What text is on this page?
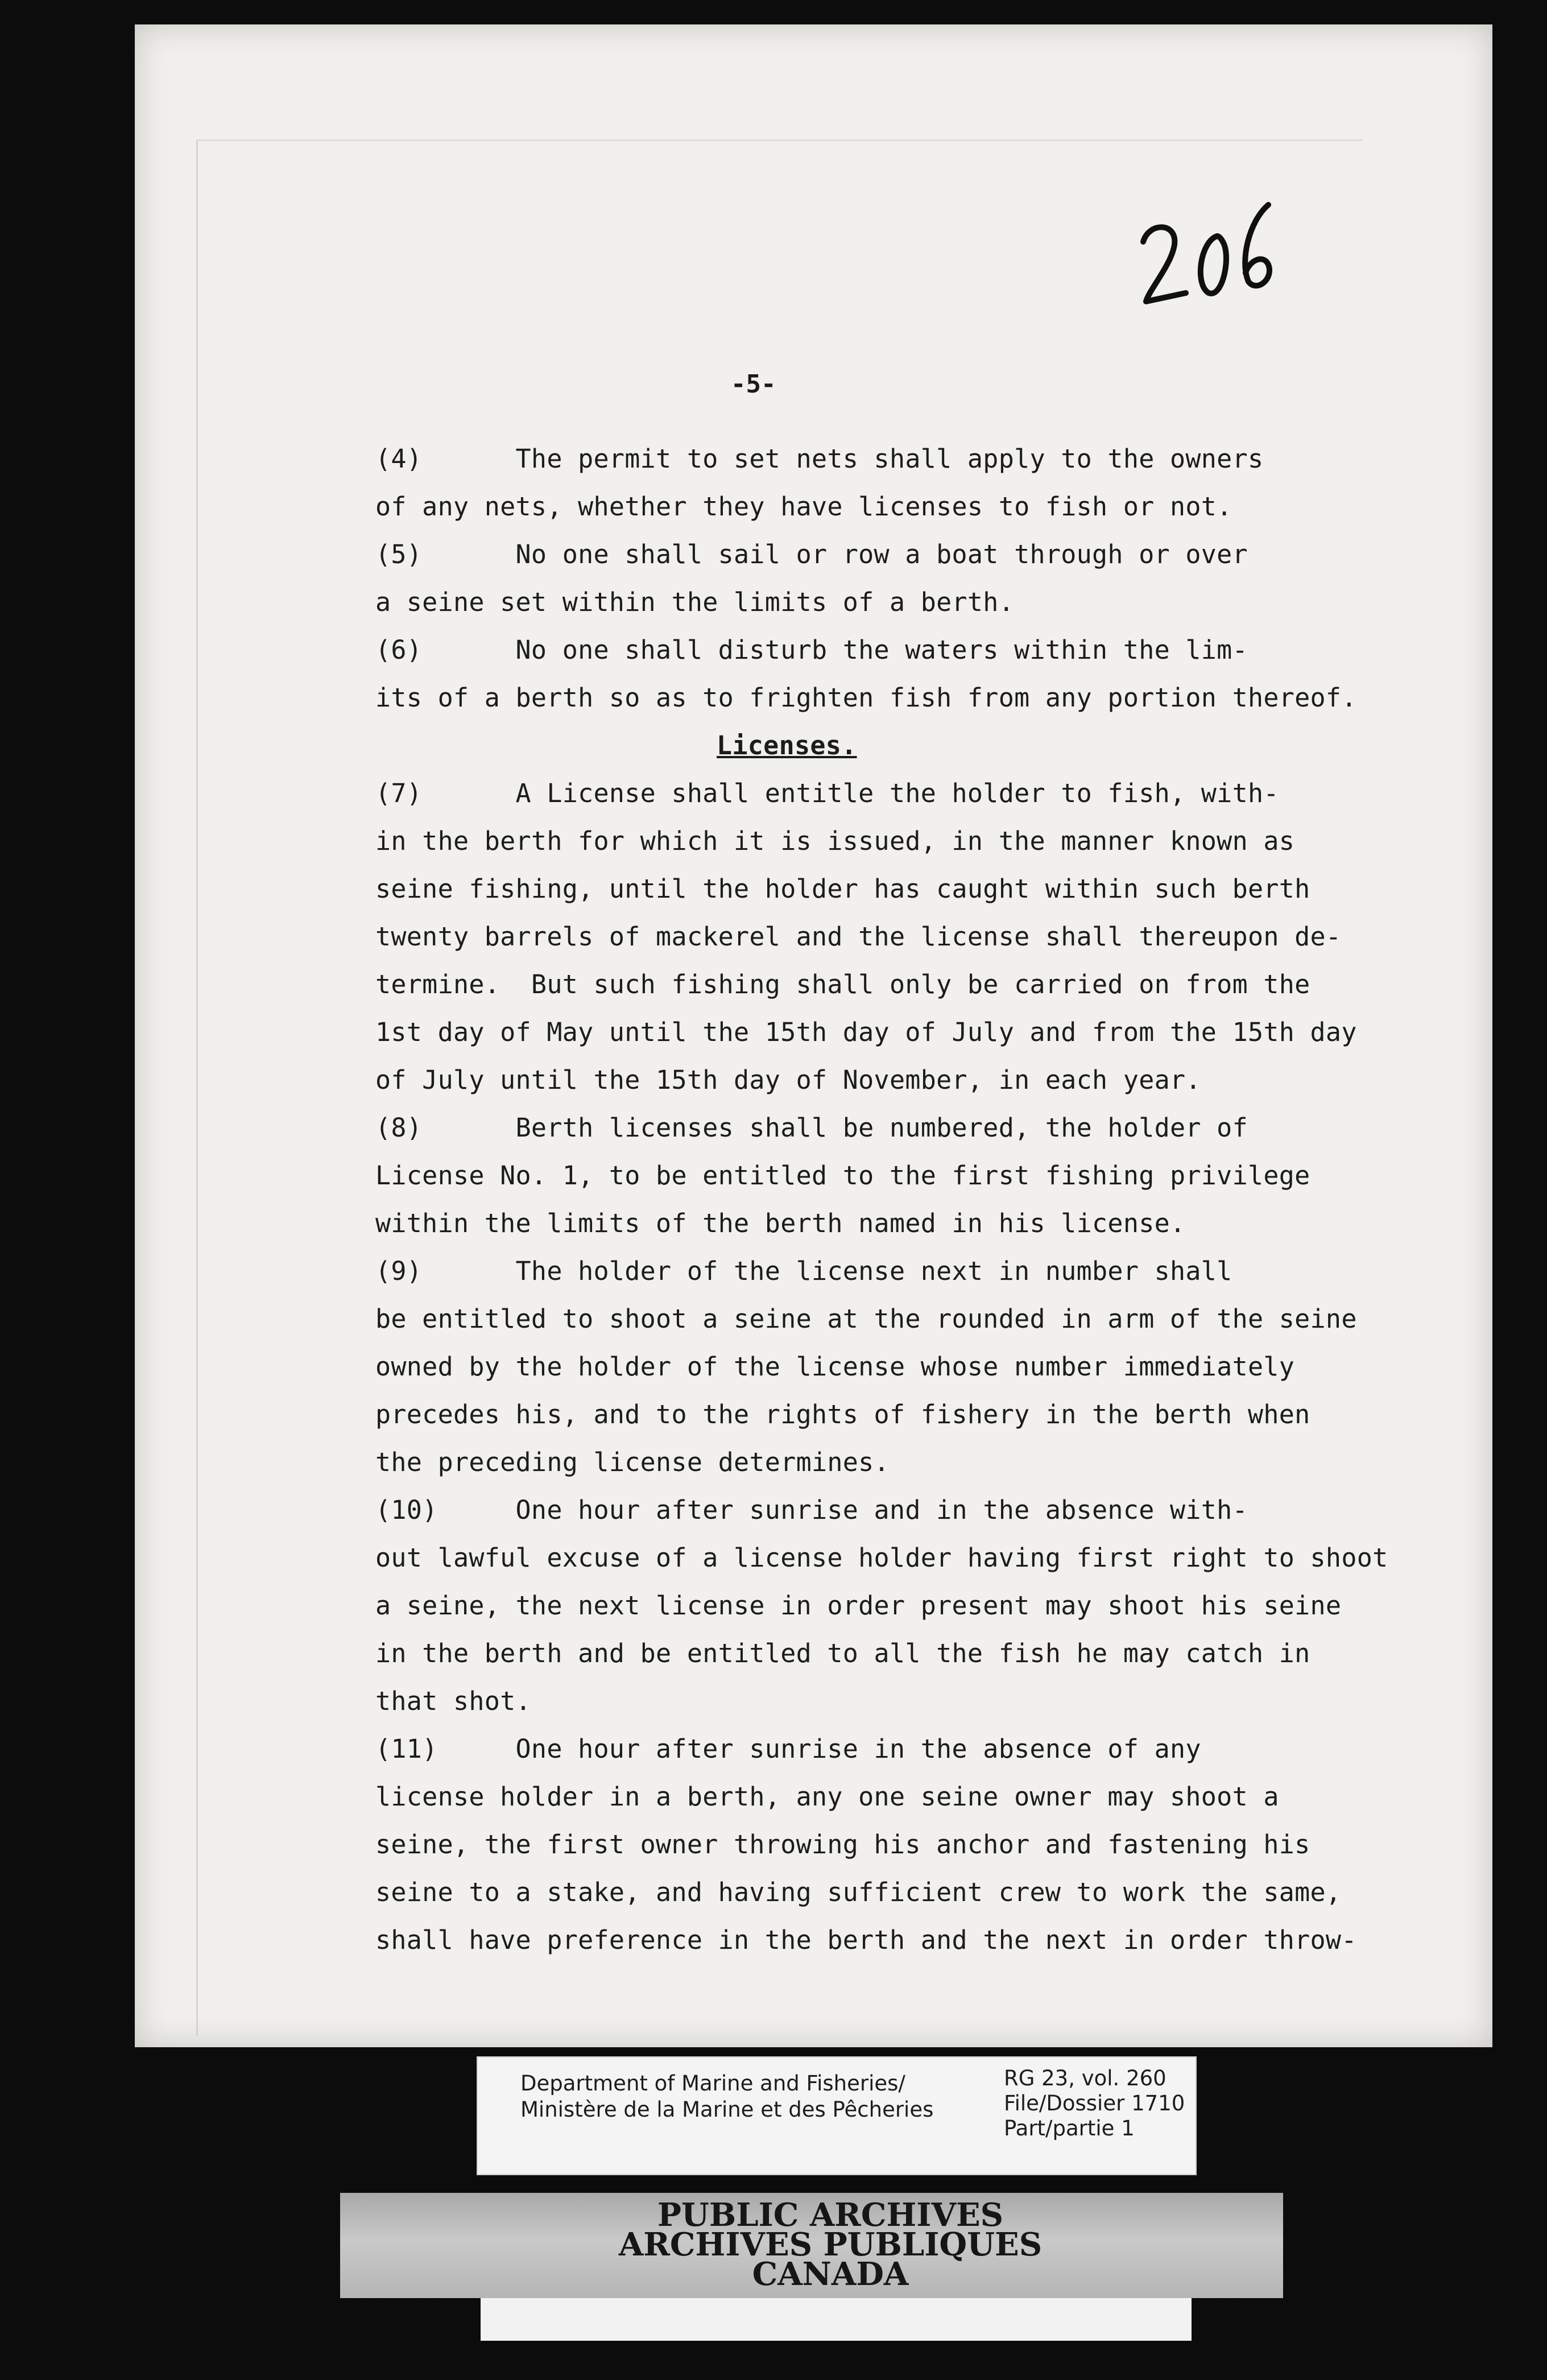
-5-
(4)      The permit to set nets shall apply to the owners
of any nets, whether they have licenses to fish or not.
(5)      No one shall sail or row a boat through or over
a seine set within the limits of a berth.
(6)      No one shall disturb the waters within the lim-
its of a berth so as to frighten fish from any portion thereof.
Licenses.
(7)      A License shall entitle the holder to fish, with-
in the berth for which it is issued, in the manner known as
seine fishing, until the holder has caught within such berth
twenty barrels of mackerel and the license shall thereupon de-
termine.  But such fishing shall only be carried on from the
1st day of May until the 15th day of July and from the 15th day
of July until the 15th day of November, in each year.
(8)      Berth licenses shall be numbered, the holder of
License No. 1, to be entitled to the first fishing privilege
within the limits of the berth named in his license.
(9)      The holder of the license next in number shall
be entitled to shoot a seine at the rounded in arm of the seine
owned by the holder of the license whose number immediately
precedes his, and to the rights of fishery in the berth when
the preceding license determines.
(10)     One hour after sunrise and in the absence with-
out lawful excuse of a license holder having first right to shoot
a seine, the next license in order present may shoot his seine
in the berth and be entitled to all the fish he may catch in
that shot.
(11)     One hour after sunrise in the absence of any
license holder in a berth, any one seine owner may shoot a
seine, the first owner throwing his anchor and fastening his
seine to a stake, and having sufficient crew to work the same,
shall have preference in the berth and the next in order throw-
Department of Marine and Fisheries/
Ministère de la Marine et des Pêcheries
RG 23, vol. 260
File/Dossier 1710
Part/partie 1
PUBLIC ARCHIVES
ARCHIVES PUBLIQUES
CANADA
